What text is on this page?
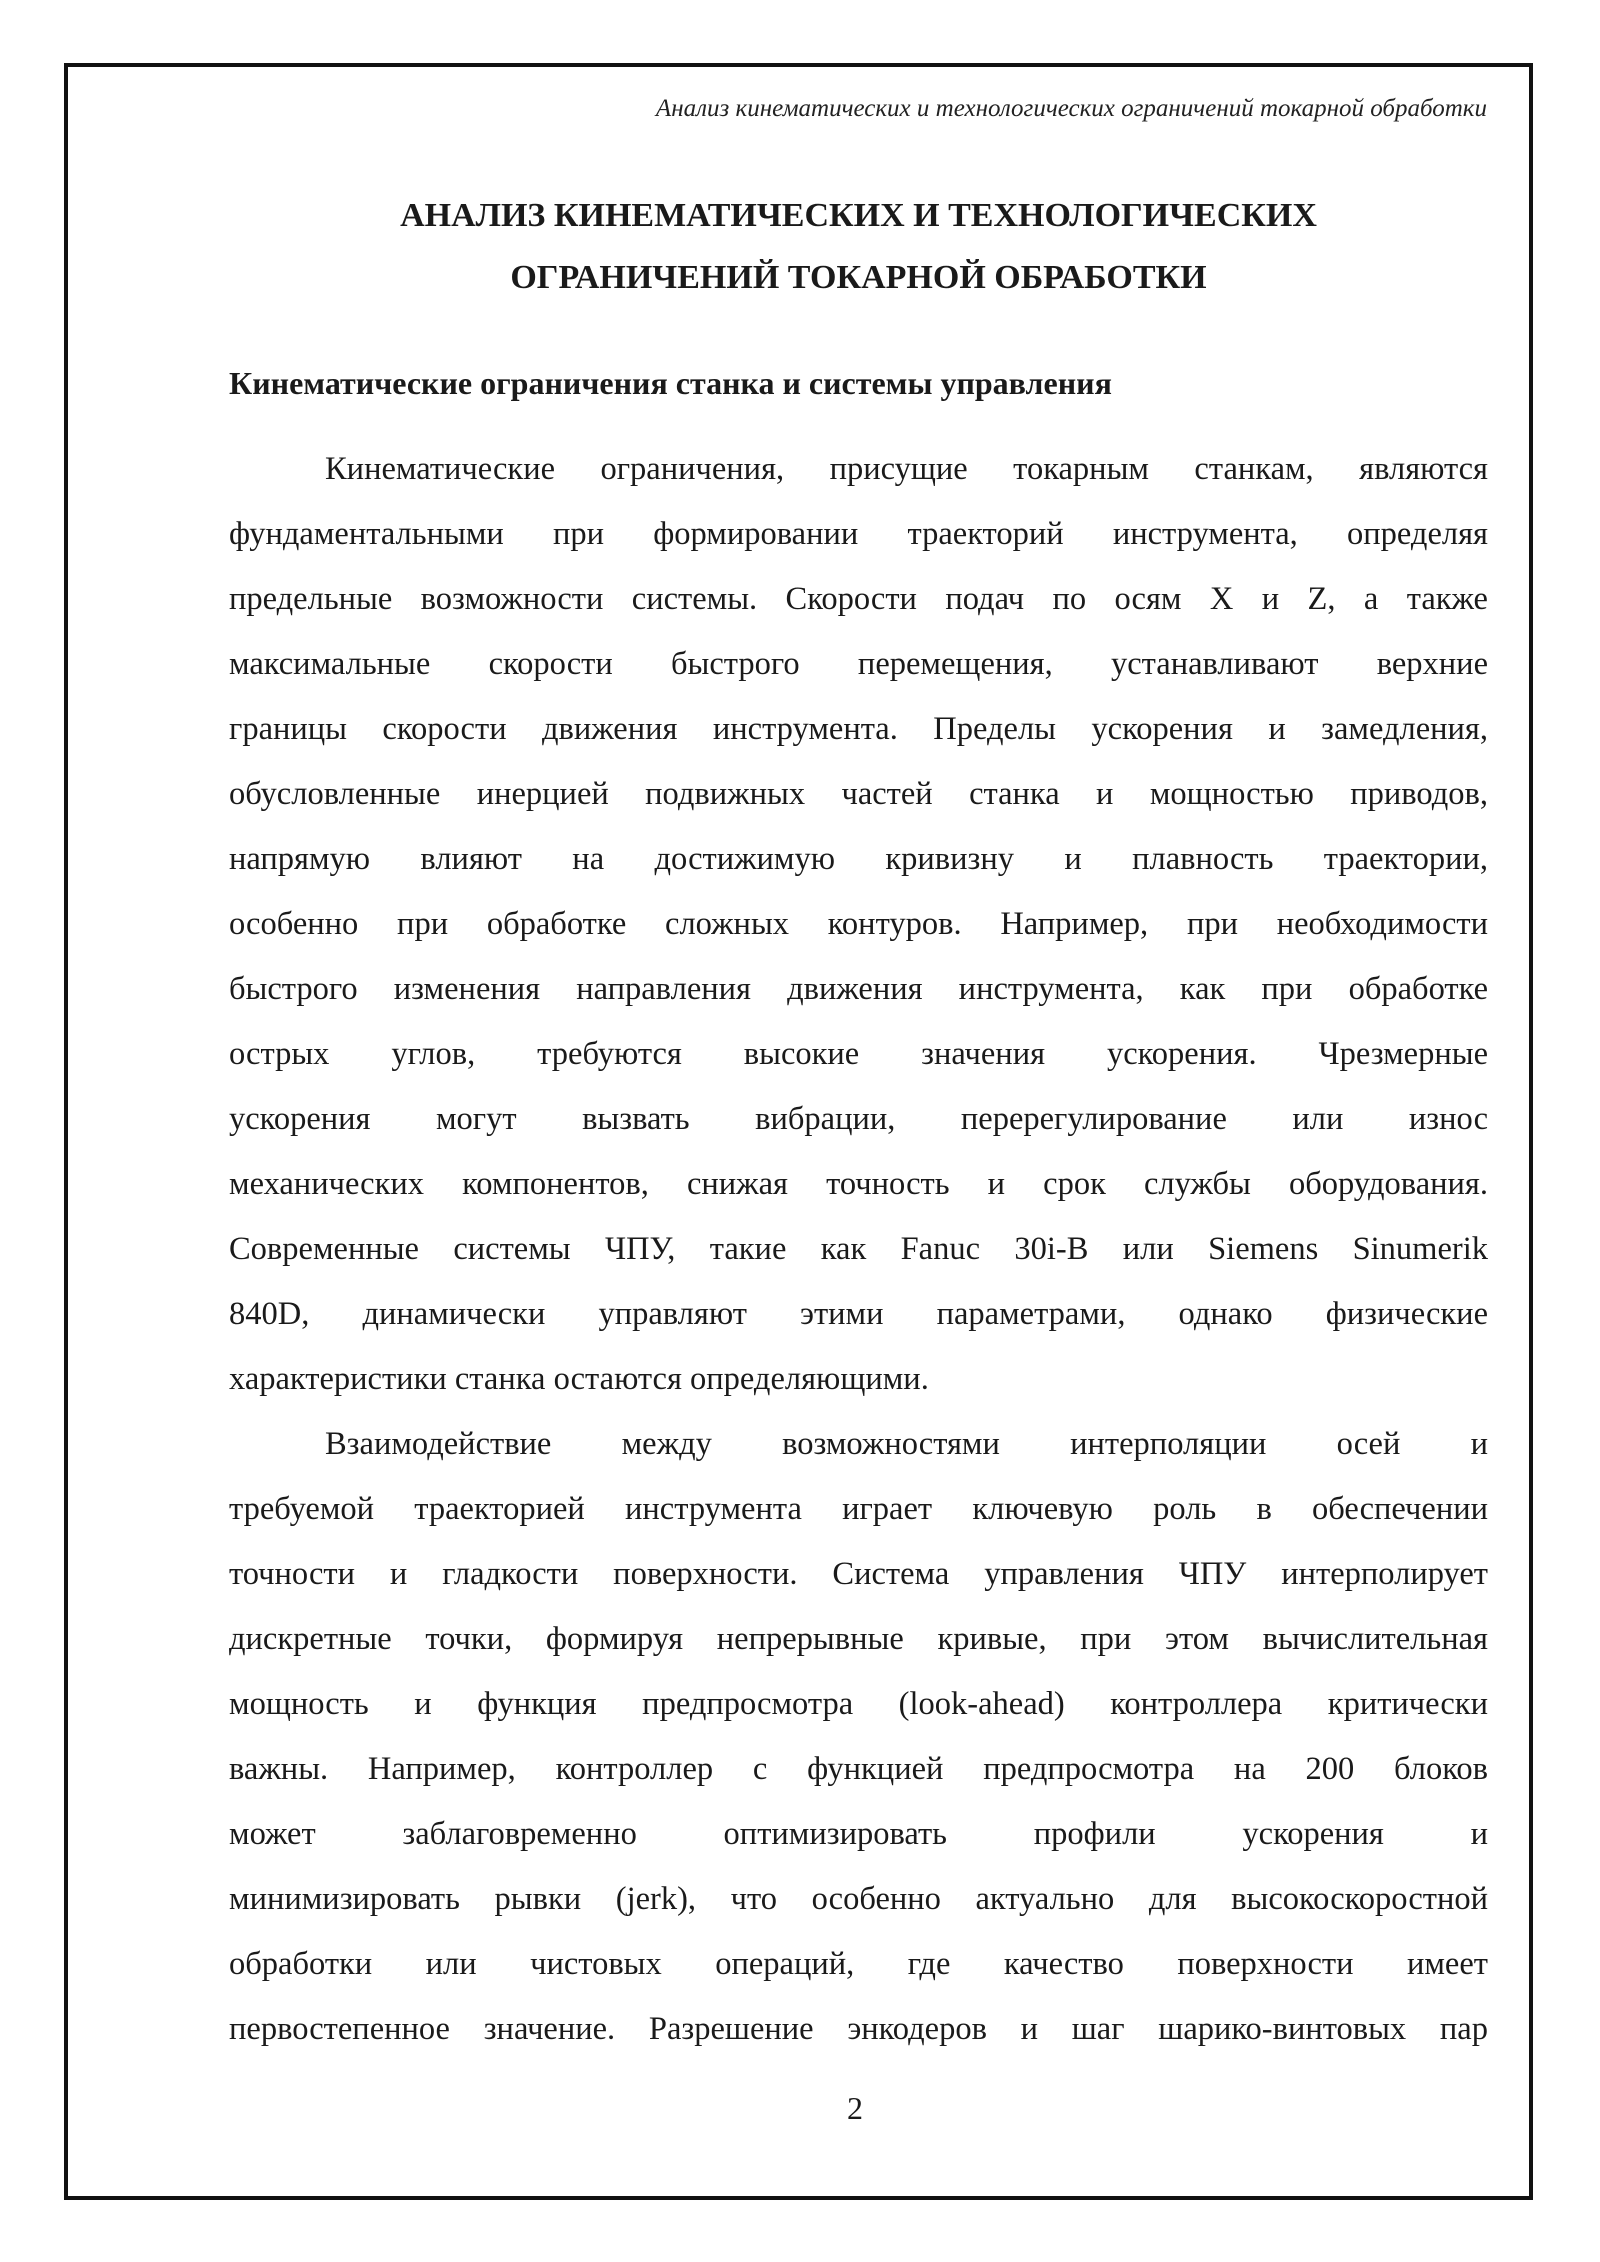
Анализ кинематических и технологических ограничений токарной обработки
АНАЛИЗ КИНЕМАТИЧЕСКИХ И ТЕХНОЛОГИЧЕСКИХ
ОГРАНИЧЕНИЙ ТОКАРНОЙ ОБРАБОТКИ
Кинематические ограничения станка и системы управления
Кинематические ограничения, присущие токарным станкам, являются
фундаментальными при формировании траекторий инструмента, определяя
предельные возможности системы. Скорости подач по осям X и Z, а также
максимальные скорости быстрого перемещения, устанавливают верхние
границы скорости движения инструмента. Пределы ускорения и замедления,
обусловленные инерцией подвижных частей станка и мощностью приводов,
напрямую влияют на достижимую кривизну и плавность траектории,
особенно при обработке сложных контуров. Например, при необходимости
быстрого изменения направления движения инструмента, как при обработке
острых углов, требуются высокие значения ускорения. Чрезмерные
ускорения могут вызвать вибрации, перерегулирование или износ
механических компонентов, снижая точность и срок службы оборудования.
Современные системы ЧПУ, такие как Fanuc 30i-B или Siemens Sinumerik
840D, динамически управляют этими параметрами, однако физические
характеристики станка остаются определяющими.
Взаимодействие между возможностями интерполяции осей и
требуемой траекторией инструмента играет ключевую роль в обеспечении
точности и гладкости поверхности. Система управления ЧПУ интерполирует
дискретные точки, формируя непрерывные кривые, при этом вычислительная
мощность и функция предпросмотра (look-ahead) контроллера критически
важны. Например, контроллер с функцией предпросмотра на 200 блоков
может заблаговременно оптимизировать профили ускорения и
минимизировать рывки (jerk), что особенно актуально для высокоскоростной
обработки или чистовых операций, где качество поверхности имеет
первостепенное значение. Разрешение энкодеров и шаг шарико-винтовых пар
2
